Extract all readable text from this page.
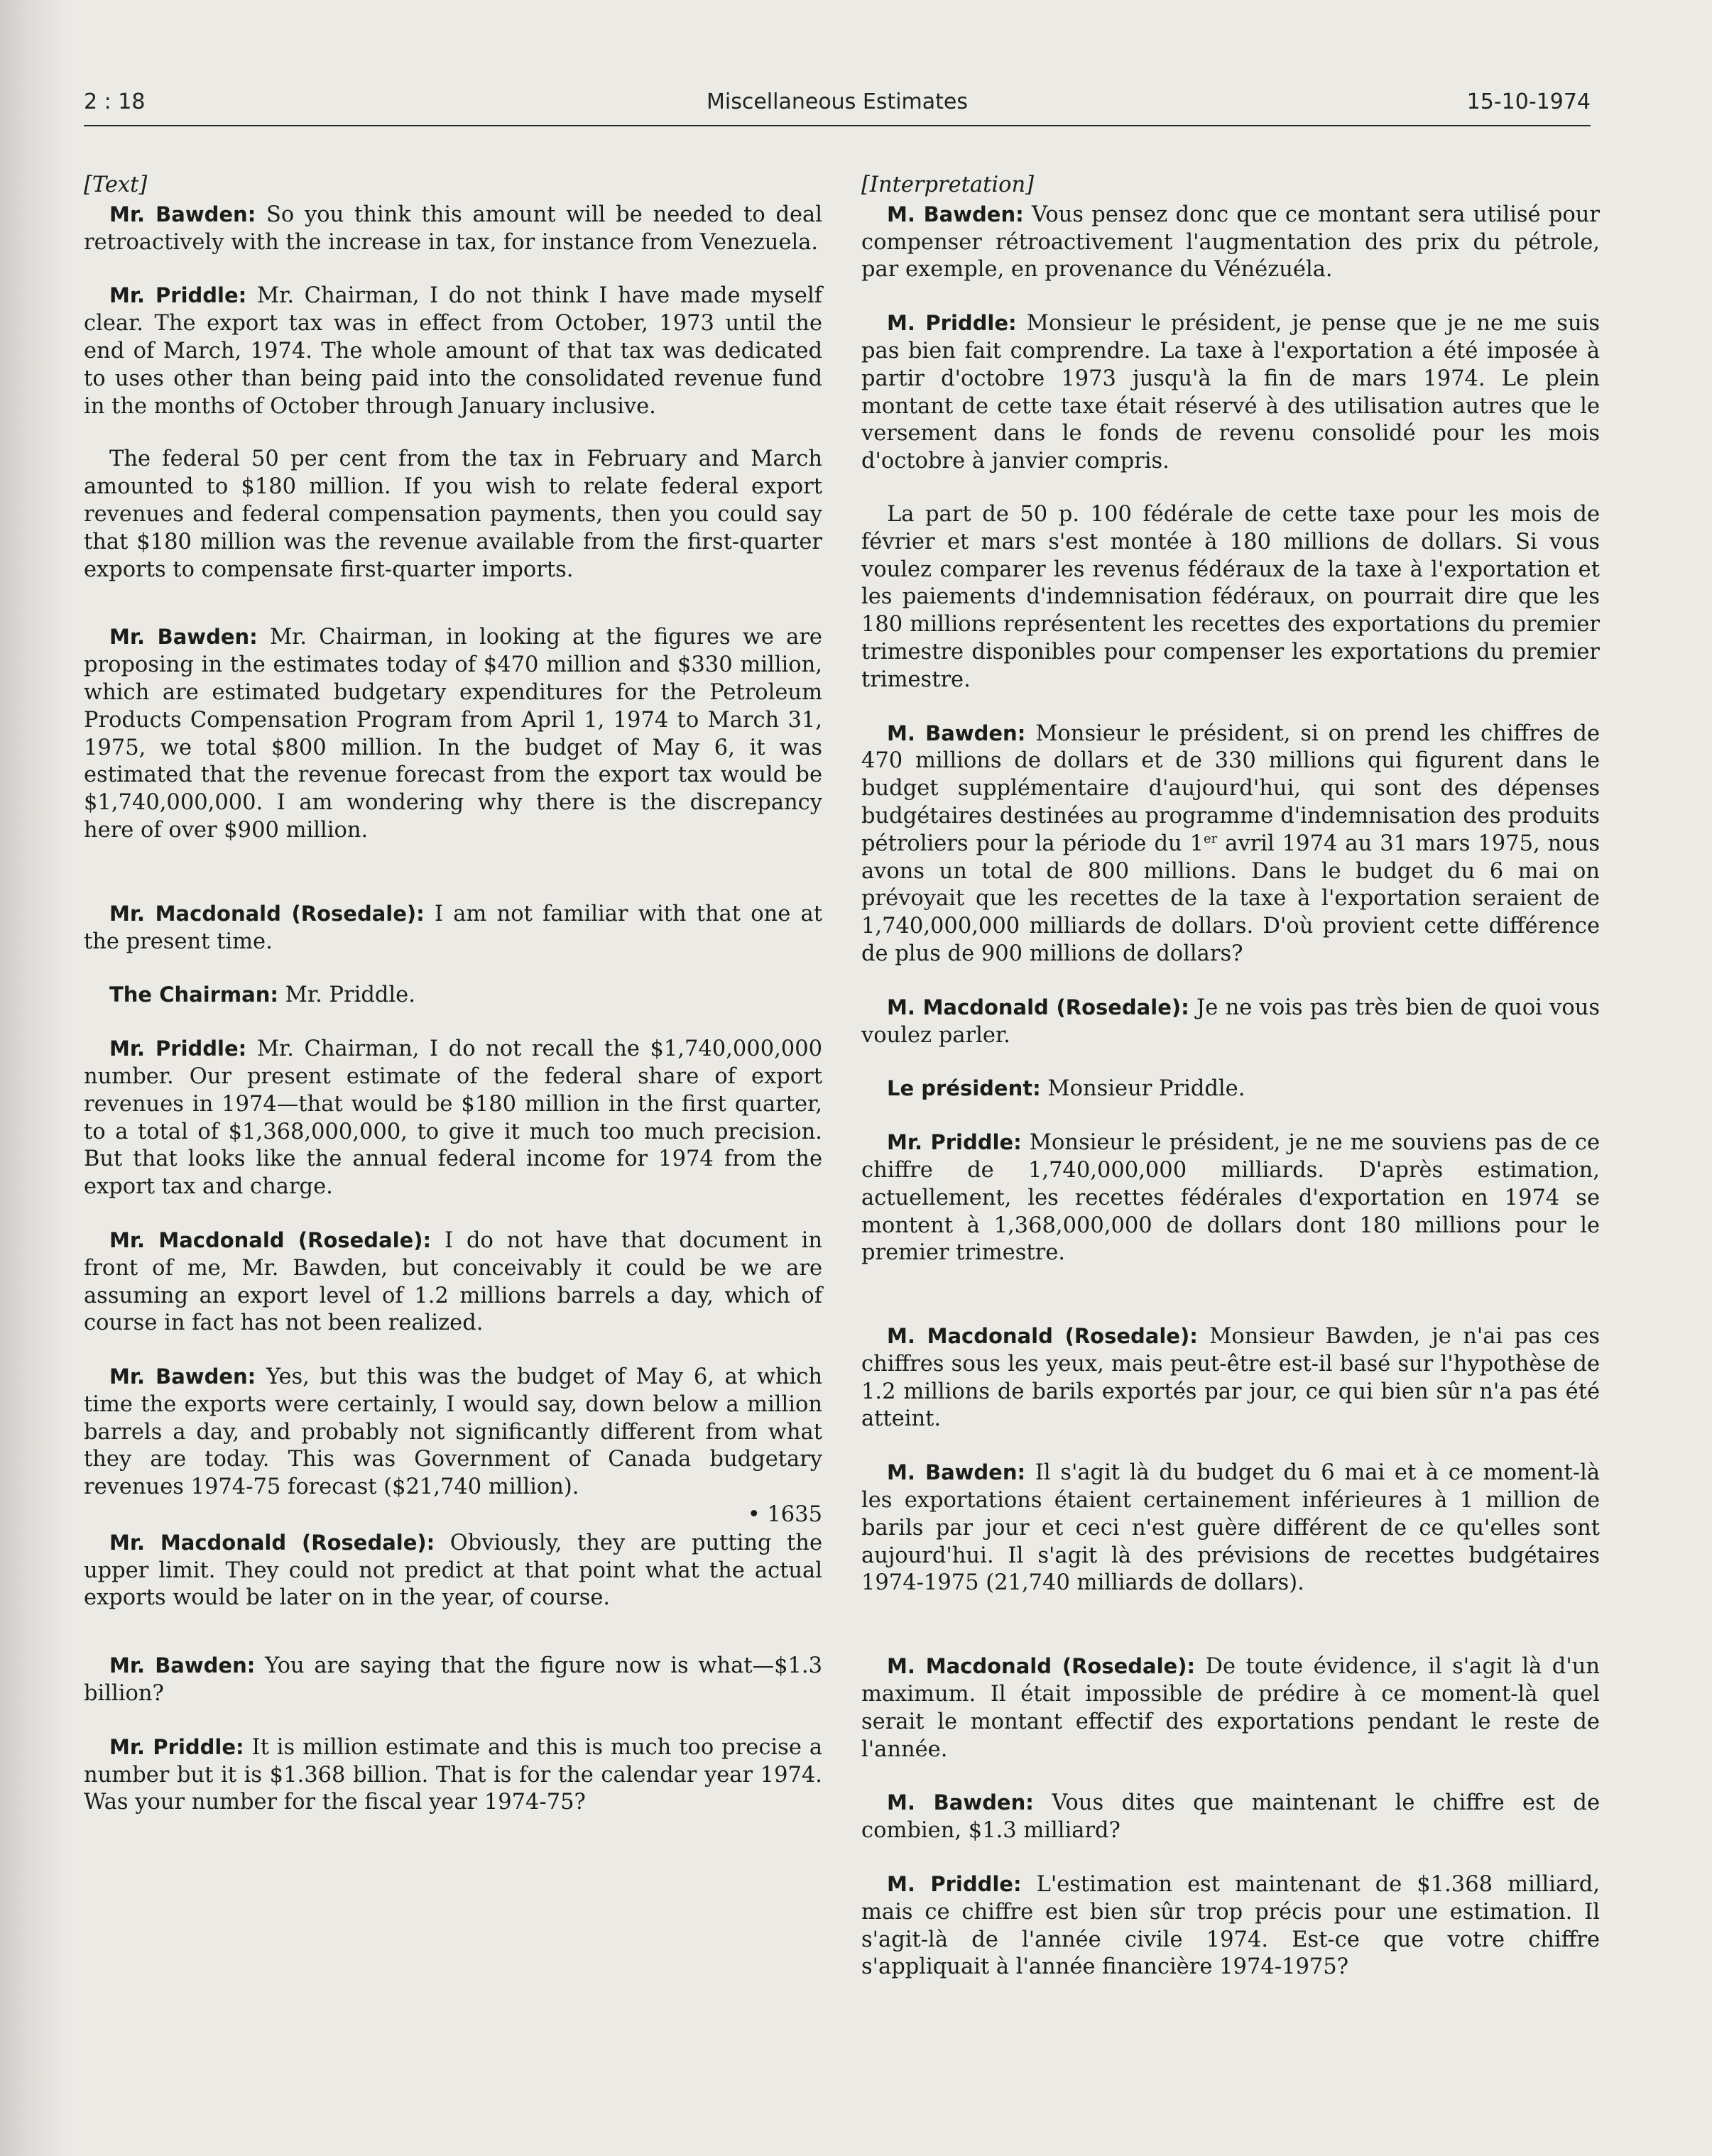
2 : 18	Miscellaneous Estimates	15-10-1974

[Text]

Mr. Bawden: So you think this amount will be needed to deal retroactively with the increase in tax, for instance from Venezuela.

Mr. Priddle: Mr. Chairman, I do not think I have made myself clear. The export tax was in effect from October, 1973 until the end of March, 1974. The whole amount of that tax was dedicated to uses other than being paid into the consolidated revenue fund in the months of October through January inclusive.

The federal 50 per cent from the tax in February and March amounted to $180 million. If you wish to relate federal export revenues and federal compensation payments, then you could say that $180 million was the revenue available from the first-quarter exports to compensate first-quarter imports.

Mr. Bawden: Mr. Chairman, in looking at the figures we are proposing in the estimates today of $470 million and $330 million, which are estimated budgetary expenditures for the Petroleum Products Compensation Program from April 1, 1974 to March 31, 1975, we total $800 million. In the budget of May 6, it was estimated that the revenue forecast from the export tax would be $1,740,000,000. I am wondering why there is the discrepancy here of over $900 million.

Mr. Macdonald (Rosedale): I am not familiar with that one at the present time.

The Chairman: Mr. Priddle.

Mr. Priddle: Mr. Chairman, I do not recall the $1,740,000,000 number. Our present estimate of the federal share of export revenues in 1974—that would be $180 million in the first quarter, to a total of $1,368,000,000, to give it much too much precision. But that looks like the annual federal income for 1974 from the export tax and charge.

Mr. Macdonald (Rosedale): I do not have that document in front of me, Mr. Bawden, but conceivably it could be we are assuming an export level of 1.2 millions barrels a day, which of course in fact has not been realized.

Mr. Bawden: Yes, but this was the budget of May 6, at which time the exports were certainly, I would say, down below a million barrels a day, and probably not significantly different from what they are today. This was Government of Canada budgetary revenues 1974-75 forecast ($21,740 million).

• 1635

Mr. Macdonald (Rosedale): Obviously, they are putting the upper limit. They could not predict at that point what the actual exports would be later on in the year, of course.

Mr. Bawden: You are saying that the figure now is what—$1.3 billion?

Mr. Priddle: It is million estimate and this is much too precise a number but it is $1.368 billion. That is for the calendar year 1974. Was your number for the fiscal year 1974-75?

[Interpretation]

M. Bawden: Vous pensez donc que ce montant sera utilisé pour compenser rétroactivement l'augmentation des prix du pétrole, par exemple, en provenance du Vénézuéla.

M. Priddle: Monsieur le président, je pense que je ne me suis pas bien fait comprendre. La taxe à l'exportation a été imposée à partir d'octobre 1973 jusqu'à la fin de mars 1974. Le plein montant de cette taxe était réservé à des utilisation autres que le versement dans le fonds de revenu consolidé pour les mois d'octobre à janvier compris.

La part de 50 p. 100 fédérale de cette taxe pour les mois de février et mars s'est montée à 180 millions de dollars. Si vous voulez comparer les revenus fédéraux de la taxe à l'exportation et les paiements d'indemnisation fédéraux, on pourrait dire que les 180 millions représentent les recettes des exportations du premier trimestre disponibles pour compenser les exportations du premier trimestre.

M. Bawden: Monsieur le président, si on prend les chiffres de 470 millions de dollars et de 330 millions qui figurent dans le budget supplémentaire d'aujourd'hui, qui sont des dépenses budgétaires destinées au programme d'indemnisation des produits pétroliers pour la période du 1er avril 1974 au 31 mars 1975, nous avons un total de 800 millions. Dans le budget du 6 mai on prévoyait que les recettes de la taxe à l'exportation seraient de 1,740,000,000 milliards de dollars. D'où provient cette différence de plus de 900 millions de dollars?

M. Macdonald (Rosedale): Je ne vois pas très bien de quoi vous voulez parler.

Le président: Monsieur Priddle.

Mr. Priddle: Monsieur le président, je ne me souviens pas de ce chiffre de 1,740,000,000 milliards. D'après estimation, actuellement, les recettes fédérales d'exportation en 1974 se montent à 1,368,000,000 de dollars dont 180 millions pour le premier trimestre.

M. Macdonald (Rosedale): Monsieur Bawden, je n'ai pas ces chiffres sous les yeux, mais peut-être est-il basé sur l'hypothèse de 1.2 millions de barils exportés par jour, ce qui bien sûr n'a pas été atteint.

M. Bawden: Il s'agit là du budget du 6 mai et à ce moment-là les exportations étaient certainement inférieures à 1 million de barils par jour et ceci n'est guère différent de ce qu'elles sont aujourd'hui. Il s'agit là des prévisions de recettes budgétaires 1974-1975 (21,740 milliards de dollars).

M. Macdonald (Rosedale): De toute évidence, il s'agit là d'un maximum. Il était impossible de prédire à ce moment-là quel serait le montant effectif des exportations pendant le reste de l'année.

M. Bawden: Vous dites que maintenant le chiffre est de combien, $1.3 milliard?

M. Priddle: L'estimation est maintenant de $1.368 milliard, mais ce chiffre est bien sûr trop précis pour une estimation. Il s'agit-là de l'année civile 1974. Est-ce que votre chiffre s'appliquait à l'année financière 1974-1975?
